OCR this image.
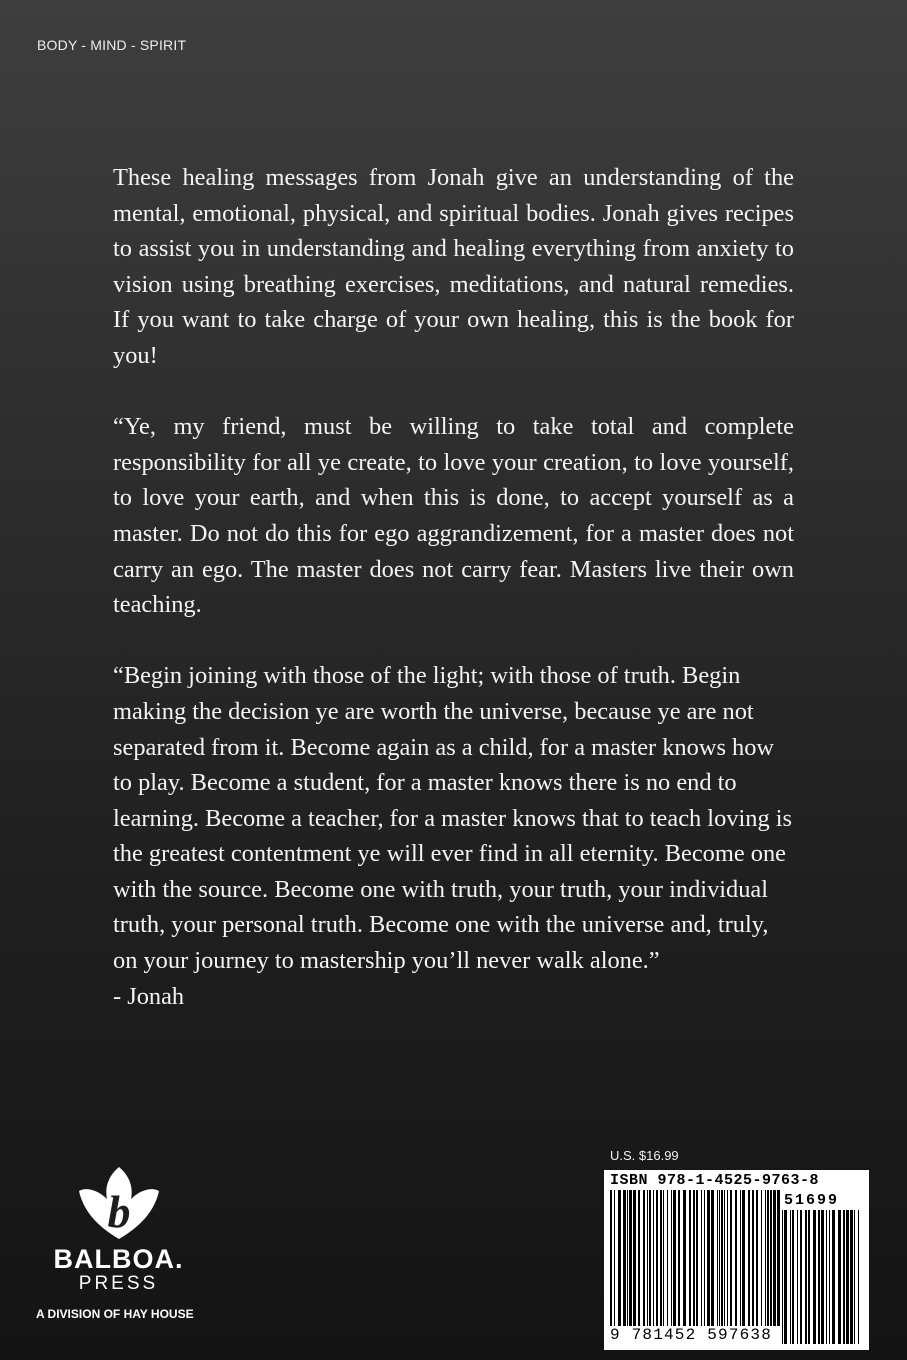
BODY - MIND - SPIRIT

These healing messages from Jonah give an understanding of the mental, emotional, physical, and spiritual bodies. Jonah gives recipes to assist you in understanding and healing everything from anxiety to vision using breathing exercises, meditations, and natural remedies. If you want to take charge of your own healing, this is the book for you!

“Ye, my friend, must be willing to take total and complete responsibility for all ye create, to love your creation, to love yourself, to love your earth, and when this is done, to accept yourself as a master. Do not do this for ego aggrandizement, for a master does not carry an ego. The master does not carry fear. Masters live their own teaching.

“Begin joining with those of the light; with those of truth. Begin making the decision ye are worth the universe, because ye are not separated from it. Become again as a child, for a master knows how to play. Become a student, for a master knows there is no end to learning. Become a teacher, for a master knows that to teach loving is the greatest contentment ye will ever find in all eternity. Become one with the source. Become one with truth, your truth, your individual truth, your personal truth. Become one with the universe and, truly, on your journey to mastership you’ll never walk alone.”

- Jonah

b
BALBOA.
PRESS
A DIVISION OF HAY HOUSE
U.S. $16.99
ISBN 978-1-4525-9763-8
51699
9 781452 597638
